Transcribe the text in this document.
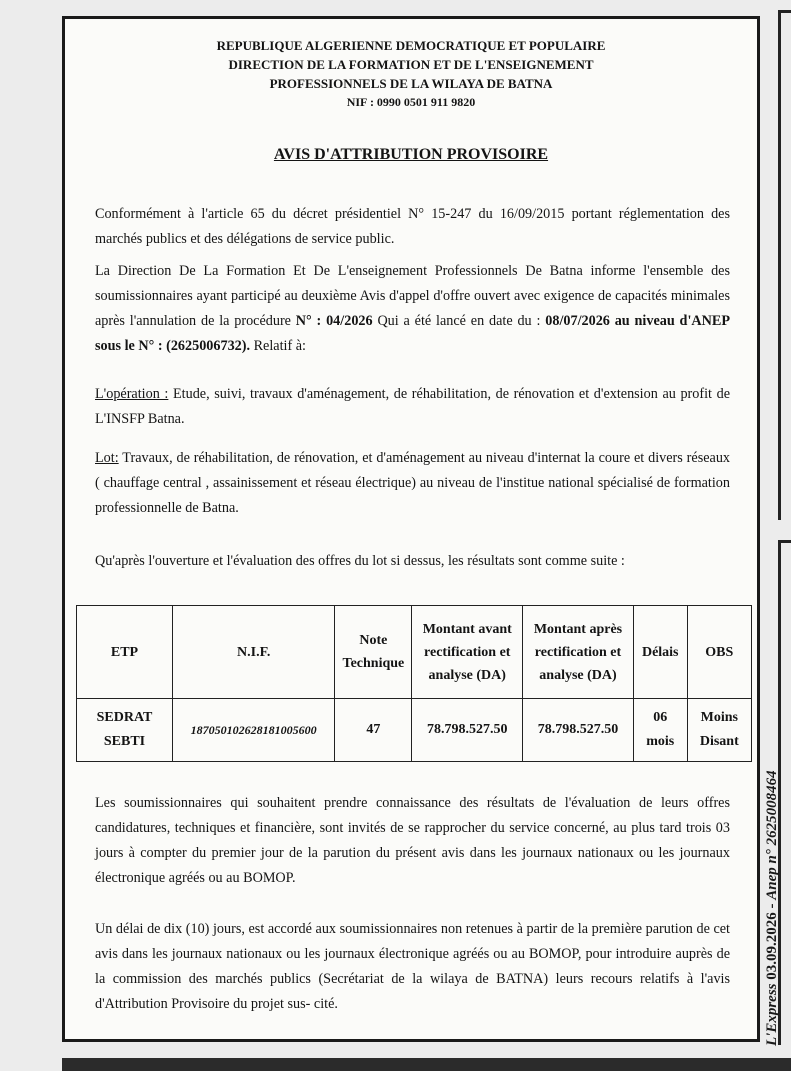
L'Express 03.09.2026 - Anep n° 2625008464
REPUBLIQUE ALGERIENNE DEMOCRATIQUE ET POPULAIRE
DIRECTION DE LA FORMATION ET DE L'ENSEIGNEMENT
PROFESSIONNELS DE LA WILAYA DE BATNA
NIF : 0990 0501 911 9820
AVIS D'ATTRIBUTION PROVISOIRE

Conformément à l'article 65 du décret présidentiel N° 15-247 du 16/09/2015 portant réglementation des marchés publics et des délégations de service public.

La Direction De La Formation Et De L'enseignement Professionnels De Batna informe l'ensemble des soumissionnaires ayant participé au deuxième Avis d'appel d'offre ouvert avec exigence de capacités minimales après l'annulation de la procédure N° : 04/2026 Qui a été lancé en date du : 08/07/2026 au niveau d'ANEP sous le N° : (2625006732). Relatif à:

L'opération : Etude, suivi, travaux d'aménagement, de réhabilitation, de rénovation et d'extension au profit de L'INSFP Batna.

Lot: Travaux, de réhabilitation, de rénovation, et d'aménagement au niveau d'internat la coure et divers réseaux ( chauffage central , assainissement et réseau électrique) au niveau de l'institue national spécialisé de formation professionnelle de Batna.

Qu'après l'ouverture et l'évaluation des offres du lot si dessus, les résultats sont comme suite :

ETP	N.I.F.	Note Technique	Montant avant rectification et analyse (DA)	Montant après rectification et analyse (DA)	Délais	OBS
SEDRAT SEBTI	187050102628181005600	47	78.798.527.50	78.798.527.50	06 mois	Moins Disant

Les soumissionnaires qui souhaitent prendre connaissance des résultats de l'évaluation de leurs offres candidatures, techniques et financière, sont invités de se rapprocher du service concerné, au plus tard trois 03 jours à compter du premier jour de la parution du présent avis dans les journaux nationaux ou les journaux électronique agréés ou au BOMOP.

Un délai de dix (10) jours, est accordé aux soumissionnaires non retenues à partir de la première parution de cet avis dans les journaux nationaux ou les journaux électronique agréés ou au BOMOP, pour introduire auprès de la commission des marchés publics (Secrétariat de la wilaya de BATNA) leurs recours relatifs à l'avis d'Attribution Provisoire du projet sus- cité.
